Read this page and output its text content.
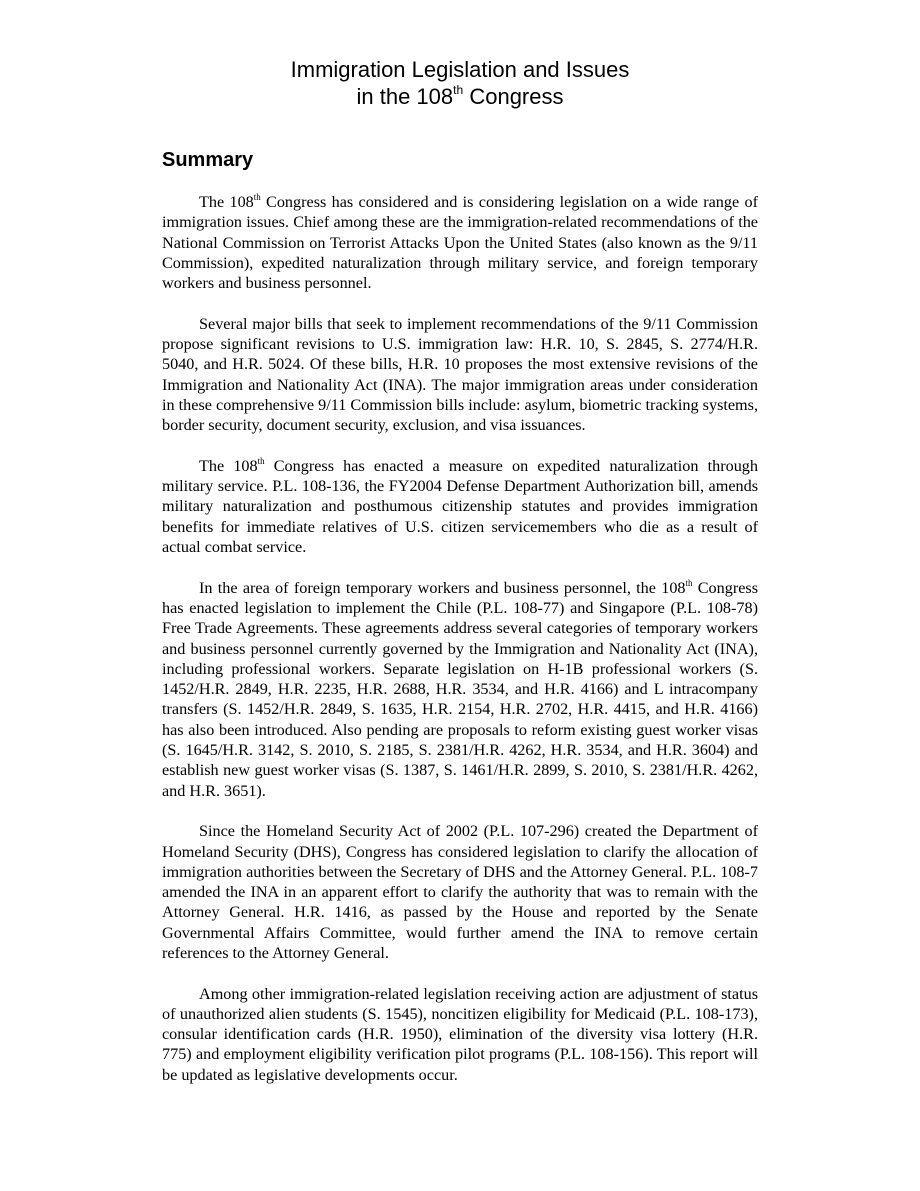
Immigration Legislation and Issues
in the 108th Congress
Summary

The 108th Congress has considered and is considering legislation on a wide range of immigration issues. Chief among these are the immigration-related recommendations of the National Commission on Terrorist Attacks Upon the United States (also known as the 9/11 Commission), expedited naturalization through military service, and foreign temporary workers and business personnel.

Several major bills that seek to implement recommendations of the 9/11 Commission propose significant revisions to U.S. immigration law: H.R. 10, S. 2845, S. 2774/H.R. 5040, and H.R. 5024. Of these bills, H.R. 10 proposes the most extensive revisions of the Immigration and Nationality Act (INA). The major immigration areas under consideration in these comprehensive 9/11 Commission bills include: asylum, biometric tracking systems, border security, document security, exclusion, and visa issuances.

The 108th Congress has enacted a measure on expedited naturalization through military service. P.L. 108-136, the FY2004 Defense Department Authorization bill, amends military naturalization and posthumous citizenship statutes and provides immigration benefits for immediate relatives of U.S. citizen servicemembers who die as a result of actual combat service.

In the area of foreign temporary workers and business personnel, the 108th Congress has enacted legislation to implement the Chile (P.L. 108-77) and Singapore (P.L. 108-78) Free Trade Agreements. These agreements address several categories of temporary workers and business personnel currently governed by the Immigration and Nationality Act (INA), including professional workers. Separate legislation on H-1B professional workers (S. 1452/H.R. 2849, H.R. 2235, H.R. 2688, H.R. 3534, and H.R. 4166) and L intracompany transfers (S. 1452/H.R. 2849, S. 1635, H.R. 2154, H.R. 2702, H.R. 4415, and H.R. 4166) has also been introduced. Also pending are proposals to reform existing guest worker visas (S. 1645/H.R. 3142, S. 2010, S. 2185, S. 2381/H.R. 4262, H.R. 3534, and H.R. 3604) and establish new guest worker visas (S. 1387, S. 1461/H.R. 2899, S. 2010, S. 2381/H.R. 4262, and H.R. 3651).

Since the Homeland Security Act of 2002 (P.L. 107-296) created the Department of Homeland Security (DHS), Congress has considered legislation to clarify the allocation of immigration authorities between the Secretary of DHS and the Attorney General. P.L. 108-7 amended the INA in an apparent effort to clarify the authority that was to remain with the Attorney General. H.R. 1416, as passed by the House and reported by the Senate Governmental Affairs Committee, would further amend the INA to remove certain references to the Attorney General.

Among other immigration-related legislation receiving action are adjustment of status of unauthorized alien students (S. 1545), noncitizen eligibility for Medicaid (P.L. 108-173), consular identification cards (H.R. 1950), elimination of the diversity visa lottery (H.R. 775) and employment eligibility verification pilot programs (P.L. 108-156). This report will be updated as legislative developments occur.
